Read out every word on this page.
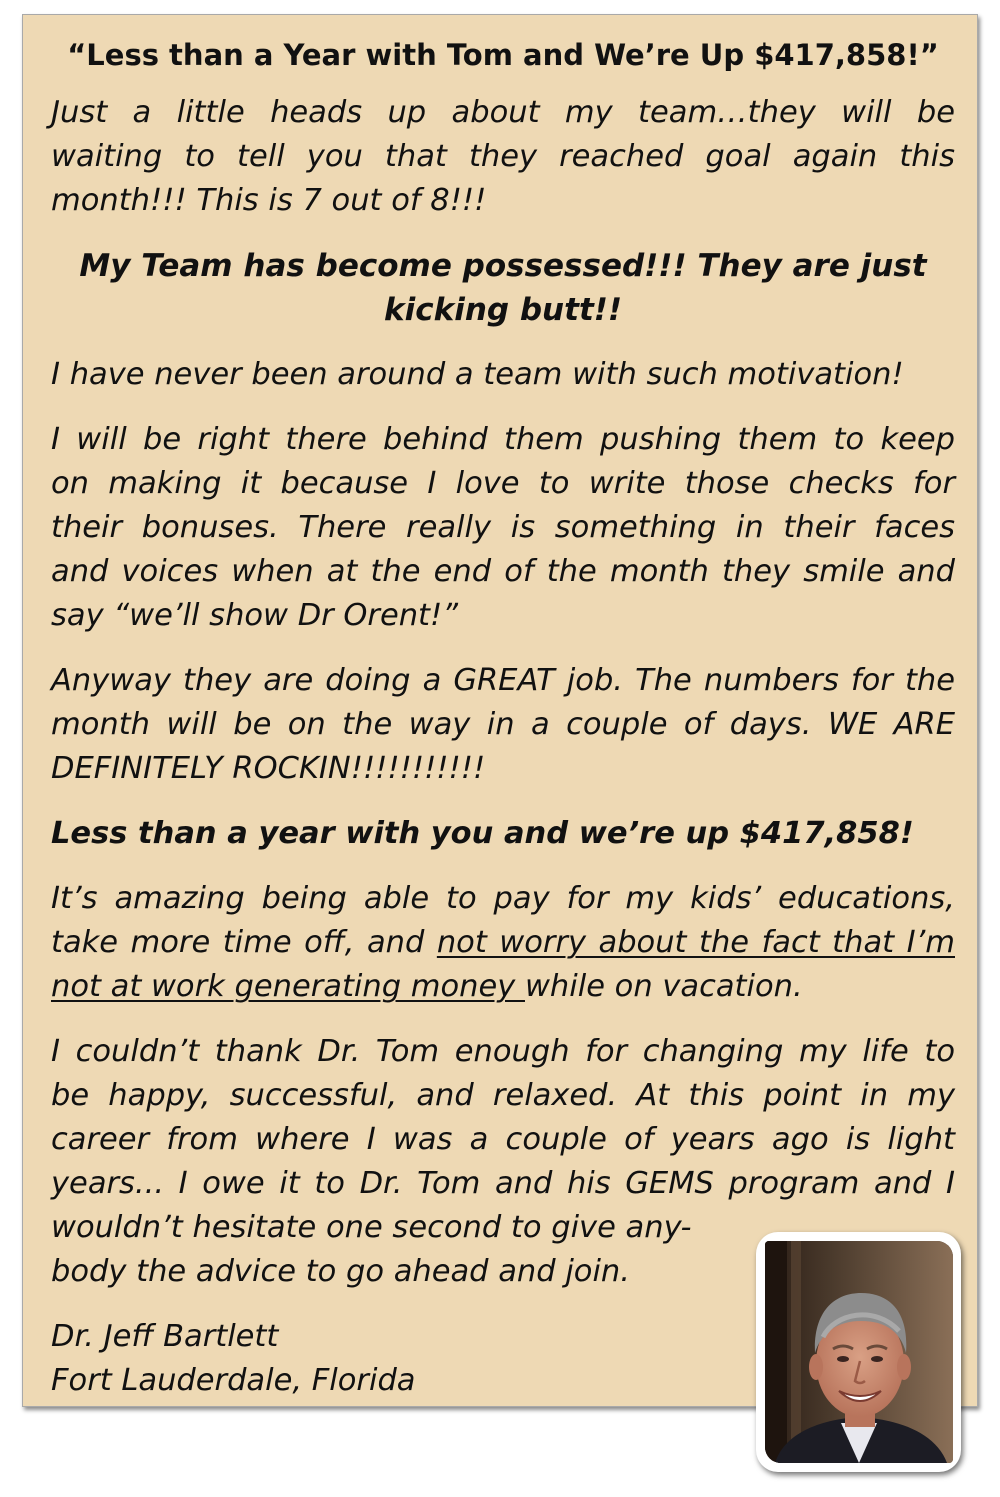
“Less than a Year with Tom and We’re Up $417,858!”
Just a little heads up about my team…they will be
waiting to tell you that they reached goal again this
month!!! This is 7 out of 8!!!
My Team has become possessed!!! They are just kicking butt!!
I have never been around a team with such motivation!
I will be right there behind them pushing them to keep
on making it because I love to write those checks for
their bonuses. There really is something in their faces
and voices when at the end of the month they smile and
say “we’ll show Dr Orent!”
Anyway they are doing a GREAT job. The numbers for the
month will be on the way in a couple of days. WE ARE
DEFINITELY ROCKIN!!!!!!!!!!!
Less than a year with you and we’re up $417,858!
It’s amazing being able to pay for my kids’ educations,
take more time off, and not worry about the fact that I’m
not at work generating money while on vacation.
I couldn’t thank Dr. Tom enough for changing my life to
be happy, successful, and relaxed. At this point in my
career from where I was a couple of years ago is light
years... I owe it to Dr. Tom and his GEMS program and I
wouldn’t hesitate one second to give any-
body the advice to go ahead and join.
Dr. Jeff Bartlett
Fort Lauderdale, Florida
